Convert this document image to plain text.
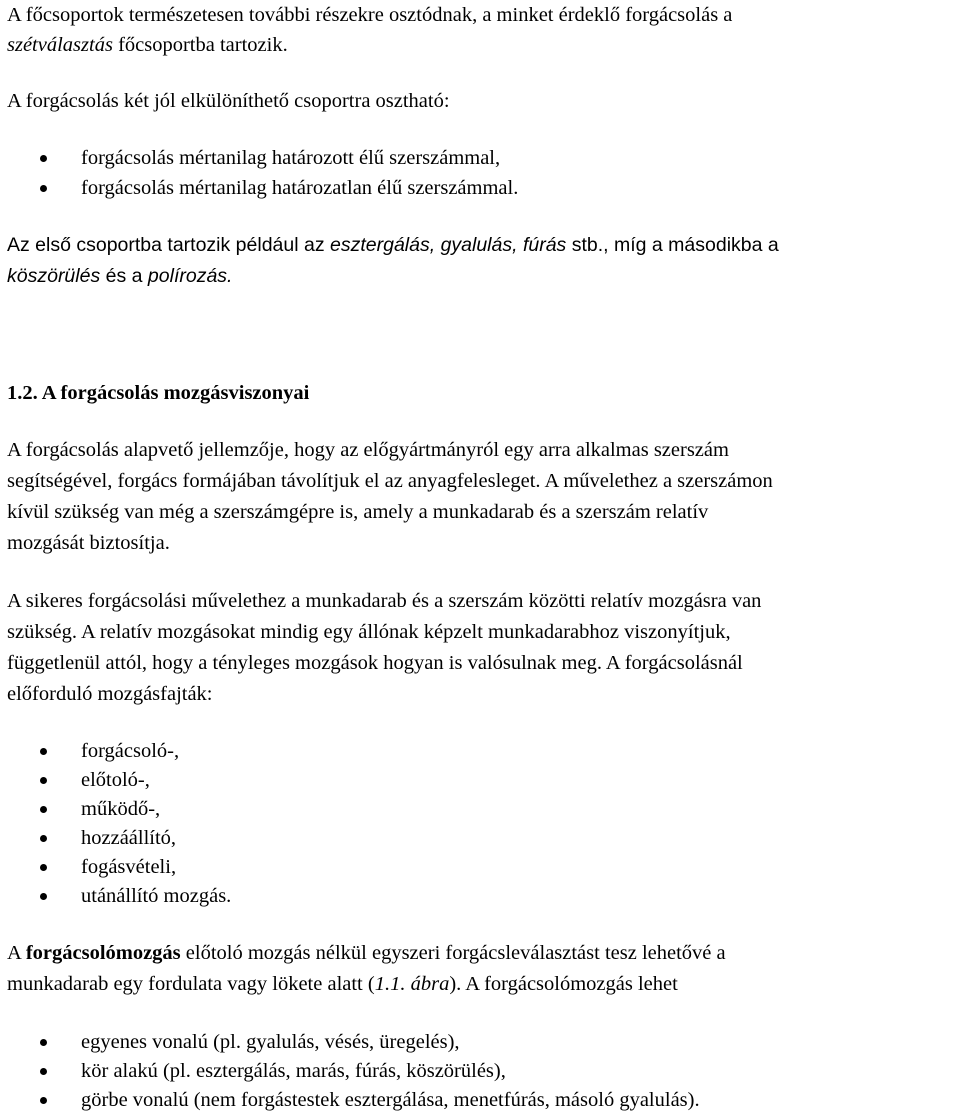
A főcsoportok természetesen további részekre osztódnak, a minket érdeklő forgácsolás a
szétválasztás főcsoportba tartozik.
A forgácsolás két jól elkülöníthető csoportra osztható:
forgácsolás mértanilag határozott élű szerszámmal,
forgácsolás mértanilag határozatlan élű szerszámmal.
Az első csoportba tartozik például az esztergálás, gyalulás, fúrás stb., míg a másodikba a
köszörülés és a polírozás.
1.2. A forgácsolás mozgásviszonyai
A forgácsolás alapvető jellemzője, hogy az előgyártmányról egy arra alkalmas szerszám
segítségével, forgács formájában távolítjuk el az anyagfelesleget. A művelethez a szerszámon
kívül szükség van még a szerszámgépre is, amely a munkadarab és a szerszám relatív
mozgását biztosítja.
A sikeres forgácsolási művelethez a munkadarab és a szerszám közötti relatív mozgásra van
szükség. A relatív mozgásokat mindig egy állónak képzelt munkadarabhoz viszonyítjuk,
függetlenül attól, hogy a tényleges mozgások hogyan is valósulnak meg. A forgácsolásnál
előforduló mozgásfajták:
forgácsoló-,
előtoló-,
működő-,
hozzáállító,
fogásvételi,
utánállító mozgás.
A forgácsolómozgás előtoló mozgás nélkül egyszeri forgácsleválasztást tesz lehetővé a
munkadarab egy fordulata vagy lökete alatt (1.1. ábra). A forgácsolómozgás lehet
egyenes vonalú (pl. gyalulás, vésés, üregelés),
kör alakú (pl. esztergálás, marás, fúrás, köszörülés),
görbe vonalú (nem forgástestek esztergálása, menetfúrás, másoló gyalulás).
